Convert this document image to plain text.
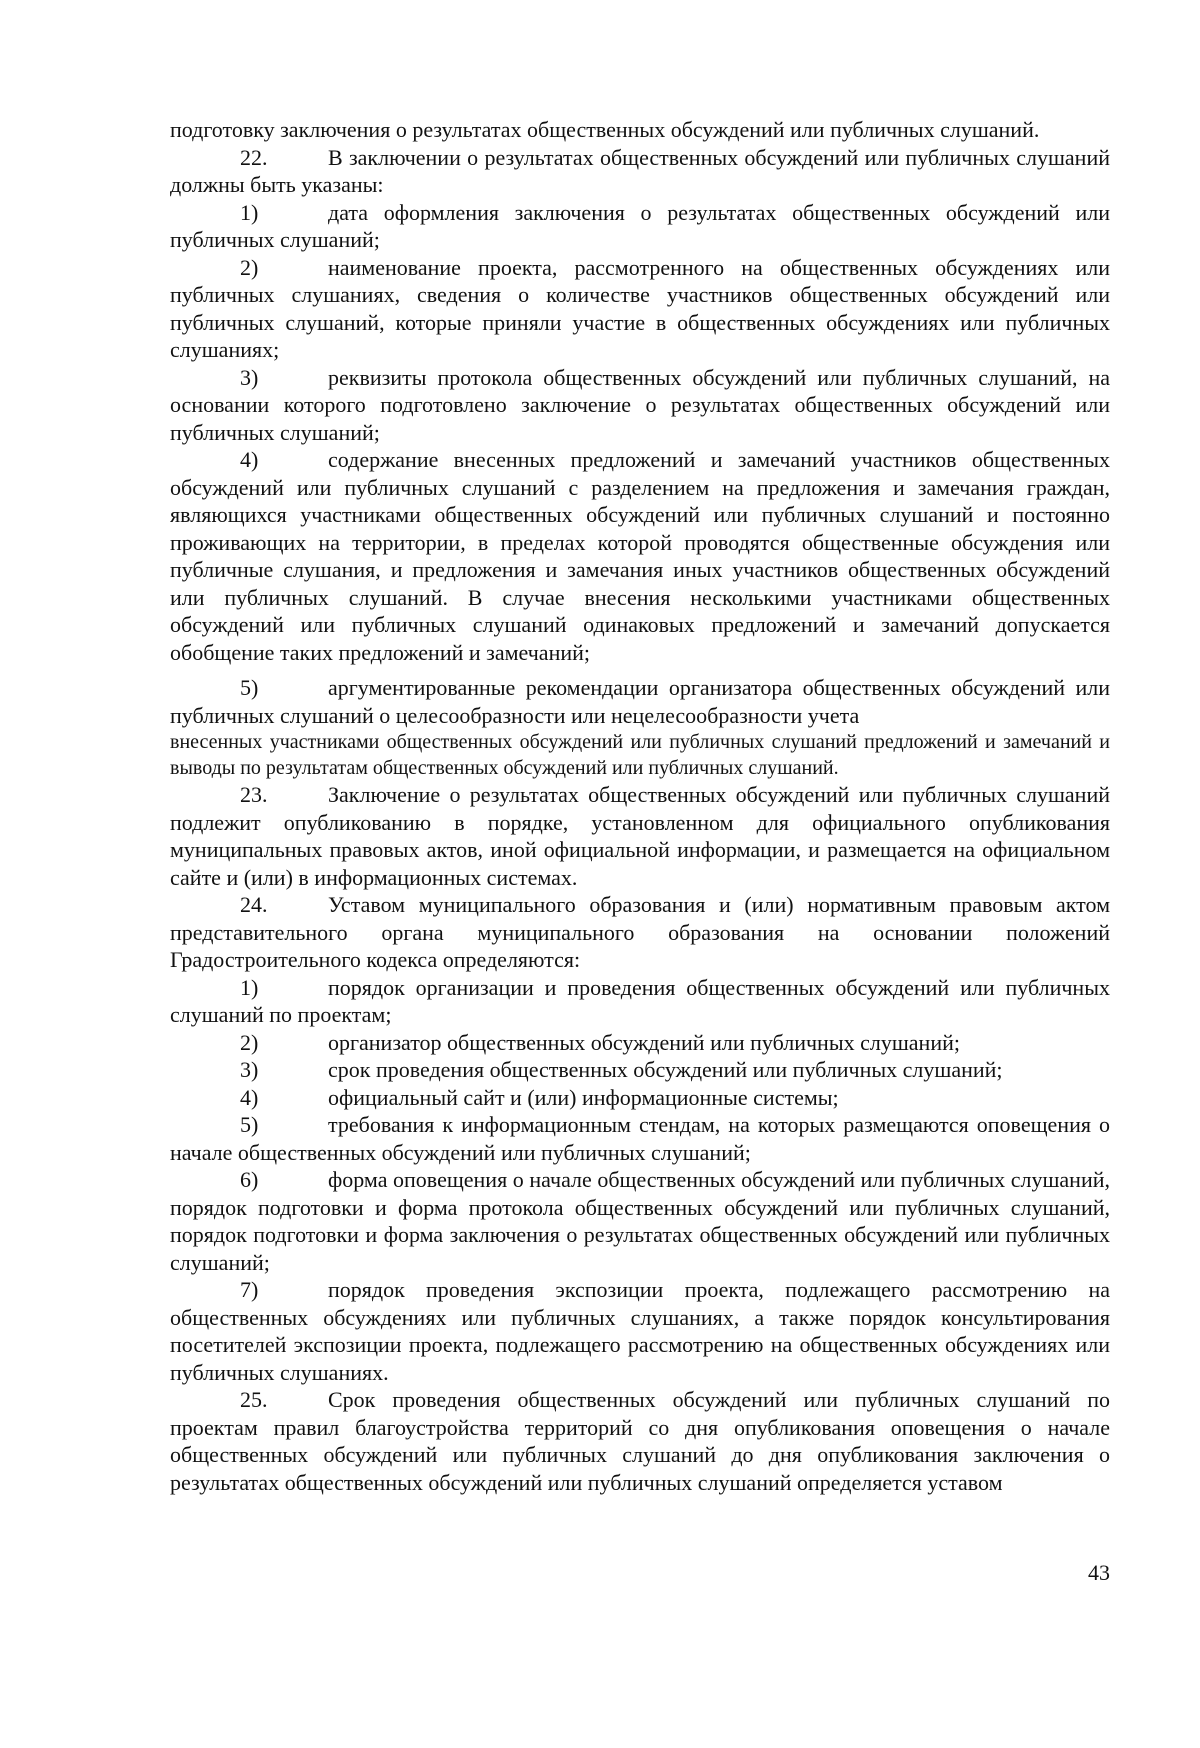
подготовку заключения о результатах общественных обсуждений или публичных слушаний.

22.	В заключении о результатах общественных обсуждений или публичных слушаний должны быть указаны:

1)	дата оформления заключения о результатах общественных обсуждений или публичных слушаний;

2)	наименование проекта, рассмотренного на общественных обсуждениях или публичных слушаниях, сведения о количестве участников общественных обсуждений или публичных слушаний, которые приняли участие в общественных обсуждениях или публичных слушаниях;

3)	реквизиты протокола общественных обсуждений или публичных слушаний, на основании которого подготовлено заключение о результатах общественных обсуждений или публичных слушаний;

4)	содержание внесенных предложений и замечаний участников общественных обсуждений или публичных слушаний с разделением на предложения и замечания граждан, являющихся участниками общественных обсуждений или публичных слушаний и постоянно проживающих на территории, в пределах которой проводятся общественные обсуждения или публичные слушания, и предложения и замечания иных участников общественных обсуждений или публичных слушаний. В случае внесения несколькими участниками общественных обсуждений или публичных слушаний одинаковых предложений и замечаний допускается обобщение таких предложений и замечаний;

5)	аргументированные рекомендации организатора общественных обсуждений или публичных слушаний о целесообразности или нецелесообразности учета

внесенных участниками общественных обсуждений или публичных слушаний предложений и замечаний и выводы по результатам общественных обсуждений или публичных слушаний.

23.	Заключение о результатах общественных обсуждений или публичных слушаний подлежит опубликованию в порядке, установленном для официального опубликования муниципальных правовых актов, иной официальной информации, и размещается на официальном сайте и (или) в информационных системах.

24.	Уставом муниципального образования и (или) нормативным правовым актом представительного органа муниципального образования на основании положений Градостроительного кодекса определяются:

1)	порядок организации и проведения общественных обсуждений или публичных слушаний по проектам;

2)	организатор общественных обсуждений или публичных слушаний;

3)	срок проведения общественных обсуждений или публичных слушаний;

4)	официальный сайт и (или) информационные системы;

5)	требования к информационным стендам, на которых размещаются оповещения о начале общественных обсуждений или публичных слушаний;

6)	форма оповещения о начале общественных обсуждений или публичных слушаний, порядок подготовки и форма протокола общественных обсуждений или публичных слушаний, порядок подготовки и форма заключения о результатах общественных обсуждений или публичных слушаний;

7)	порядок проведения экспозиции проекта, подлежащего рассмотрению на общественных обсуждениях или публичных слушаниях, а также порядок консультирования посетителей экспозиции проекта, подлежащего рассмотрению на общественных обсуждениях или публичных слушаниях.

25.	Срок проведения общественных обсуждений или публичных слушаний по проектам правил благоустройства территорий со дня опубликования оповещения о начале общественных обсуждений или публичных слушаний до дня опубликования заключения о результатах общественных обсуждений или публичных слушаний определяется уставом

43
